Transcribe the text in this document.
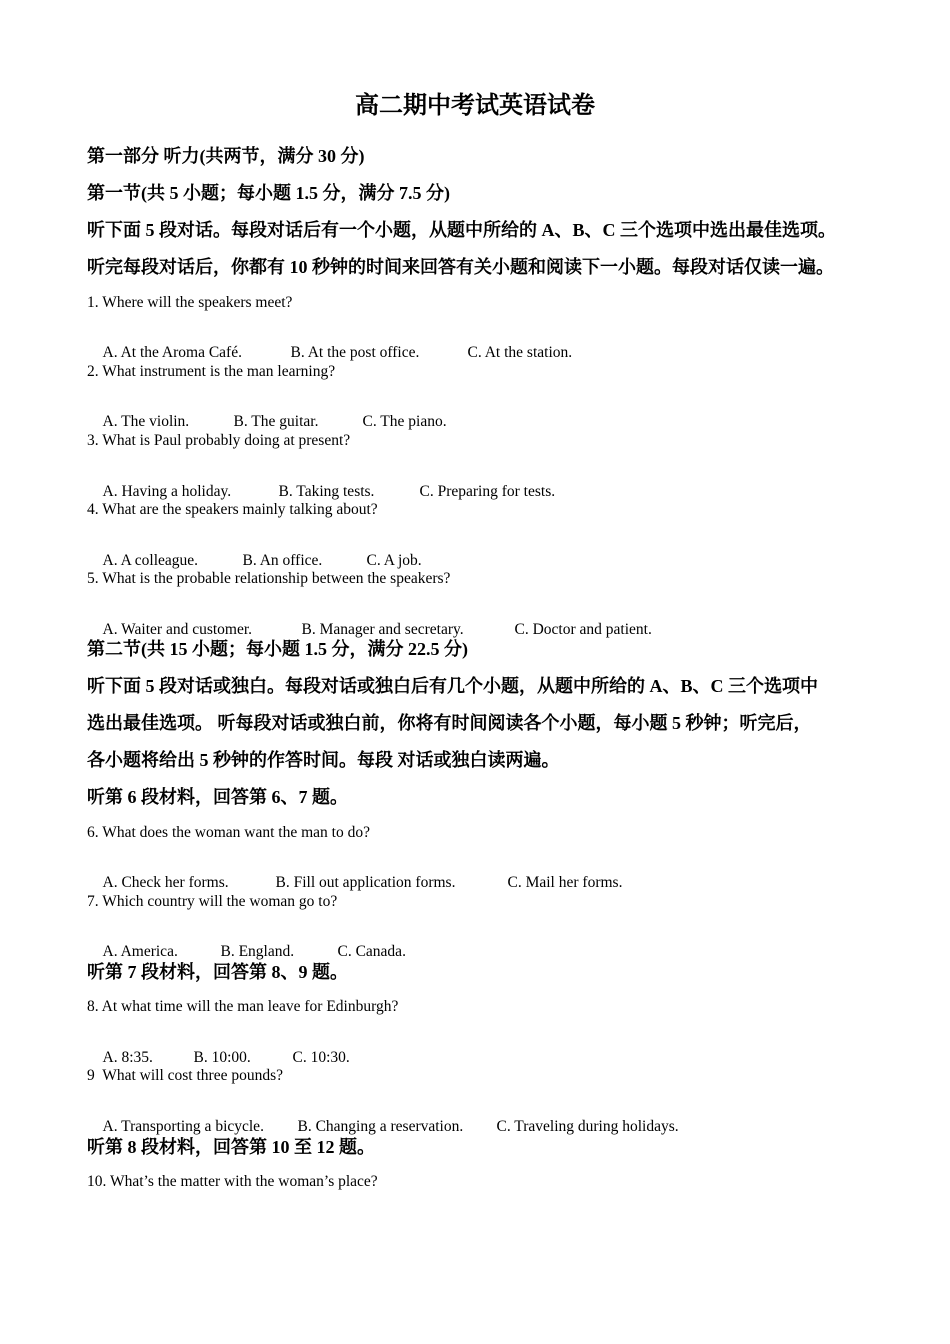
高二期中考试英语试卷
第一部分 听力(共两节，满分 30 分)
第一节(共 5 小题；每小题 1.5 分，满分 7.5 分)
听下面 5 段对话。每段对话后有一个小题，从题中所给的 A、B、C 三个选项中选出最佳选项。
听完每段对话后，你都有 10 秒钟的时间来回答有关小题和阅读下一小题。每段对话仅读一遍。
1. Where will the speakers meet?

A. At the Aroma Café.	B. At the post office.	C. At the station.

2. What instrument is the man learning?

A. The violin.	B. The guitar.	C. The piano.

3. What is Paul probably doing at present?

A. Having a holiday.	B. Taking tests.	C. Preparing for tests.

4. What are the speakers mainly talking about?

A. A colleague.	B. An office.	C. A job.

5. What is the probable relationship between the speakers?

A. Waiter and customer.	B. Manager and secretary.	C. Doctor and patient.

第二节(共 15 小题；每小题 1.5 分，满分 22.5 分)
听下面 5 段对话或独白。每段对话或独白后有几个小题，从题中所给的 A、B、C 三个选项中
选出最佳选项。 听每段对话或独白前，你将有时间阅读各个小题，每小题 5 秒钟；听完后，
各小题将给出 5 秒钟的作答时间。每段 对话或独白读两遍。
听第 6 段材料，回答第 6、7 题。
6. What does the woman want the man to do?

A. Check her forms.	B. Fill out application forms.	C. Mail her forms.

7. Which country will the woman go to?

A. America.	B. England.	C. Canada.

听第 7 段材料，回答第 8、9 题。
8. At what time will the man leave for Edinburgh?

A. 8:35.	B. 10:00.	C. 10:30.

9  What will cost three pounds?

A. Transporting a bicycle. B. Changing a reservation. C. Traveling during holidays.

听第 8 段材料，回答第 10 至 12 题。
10. What’s the matter with the woman’s place?
